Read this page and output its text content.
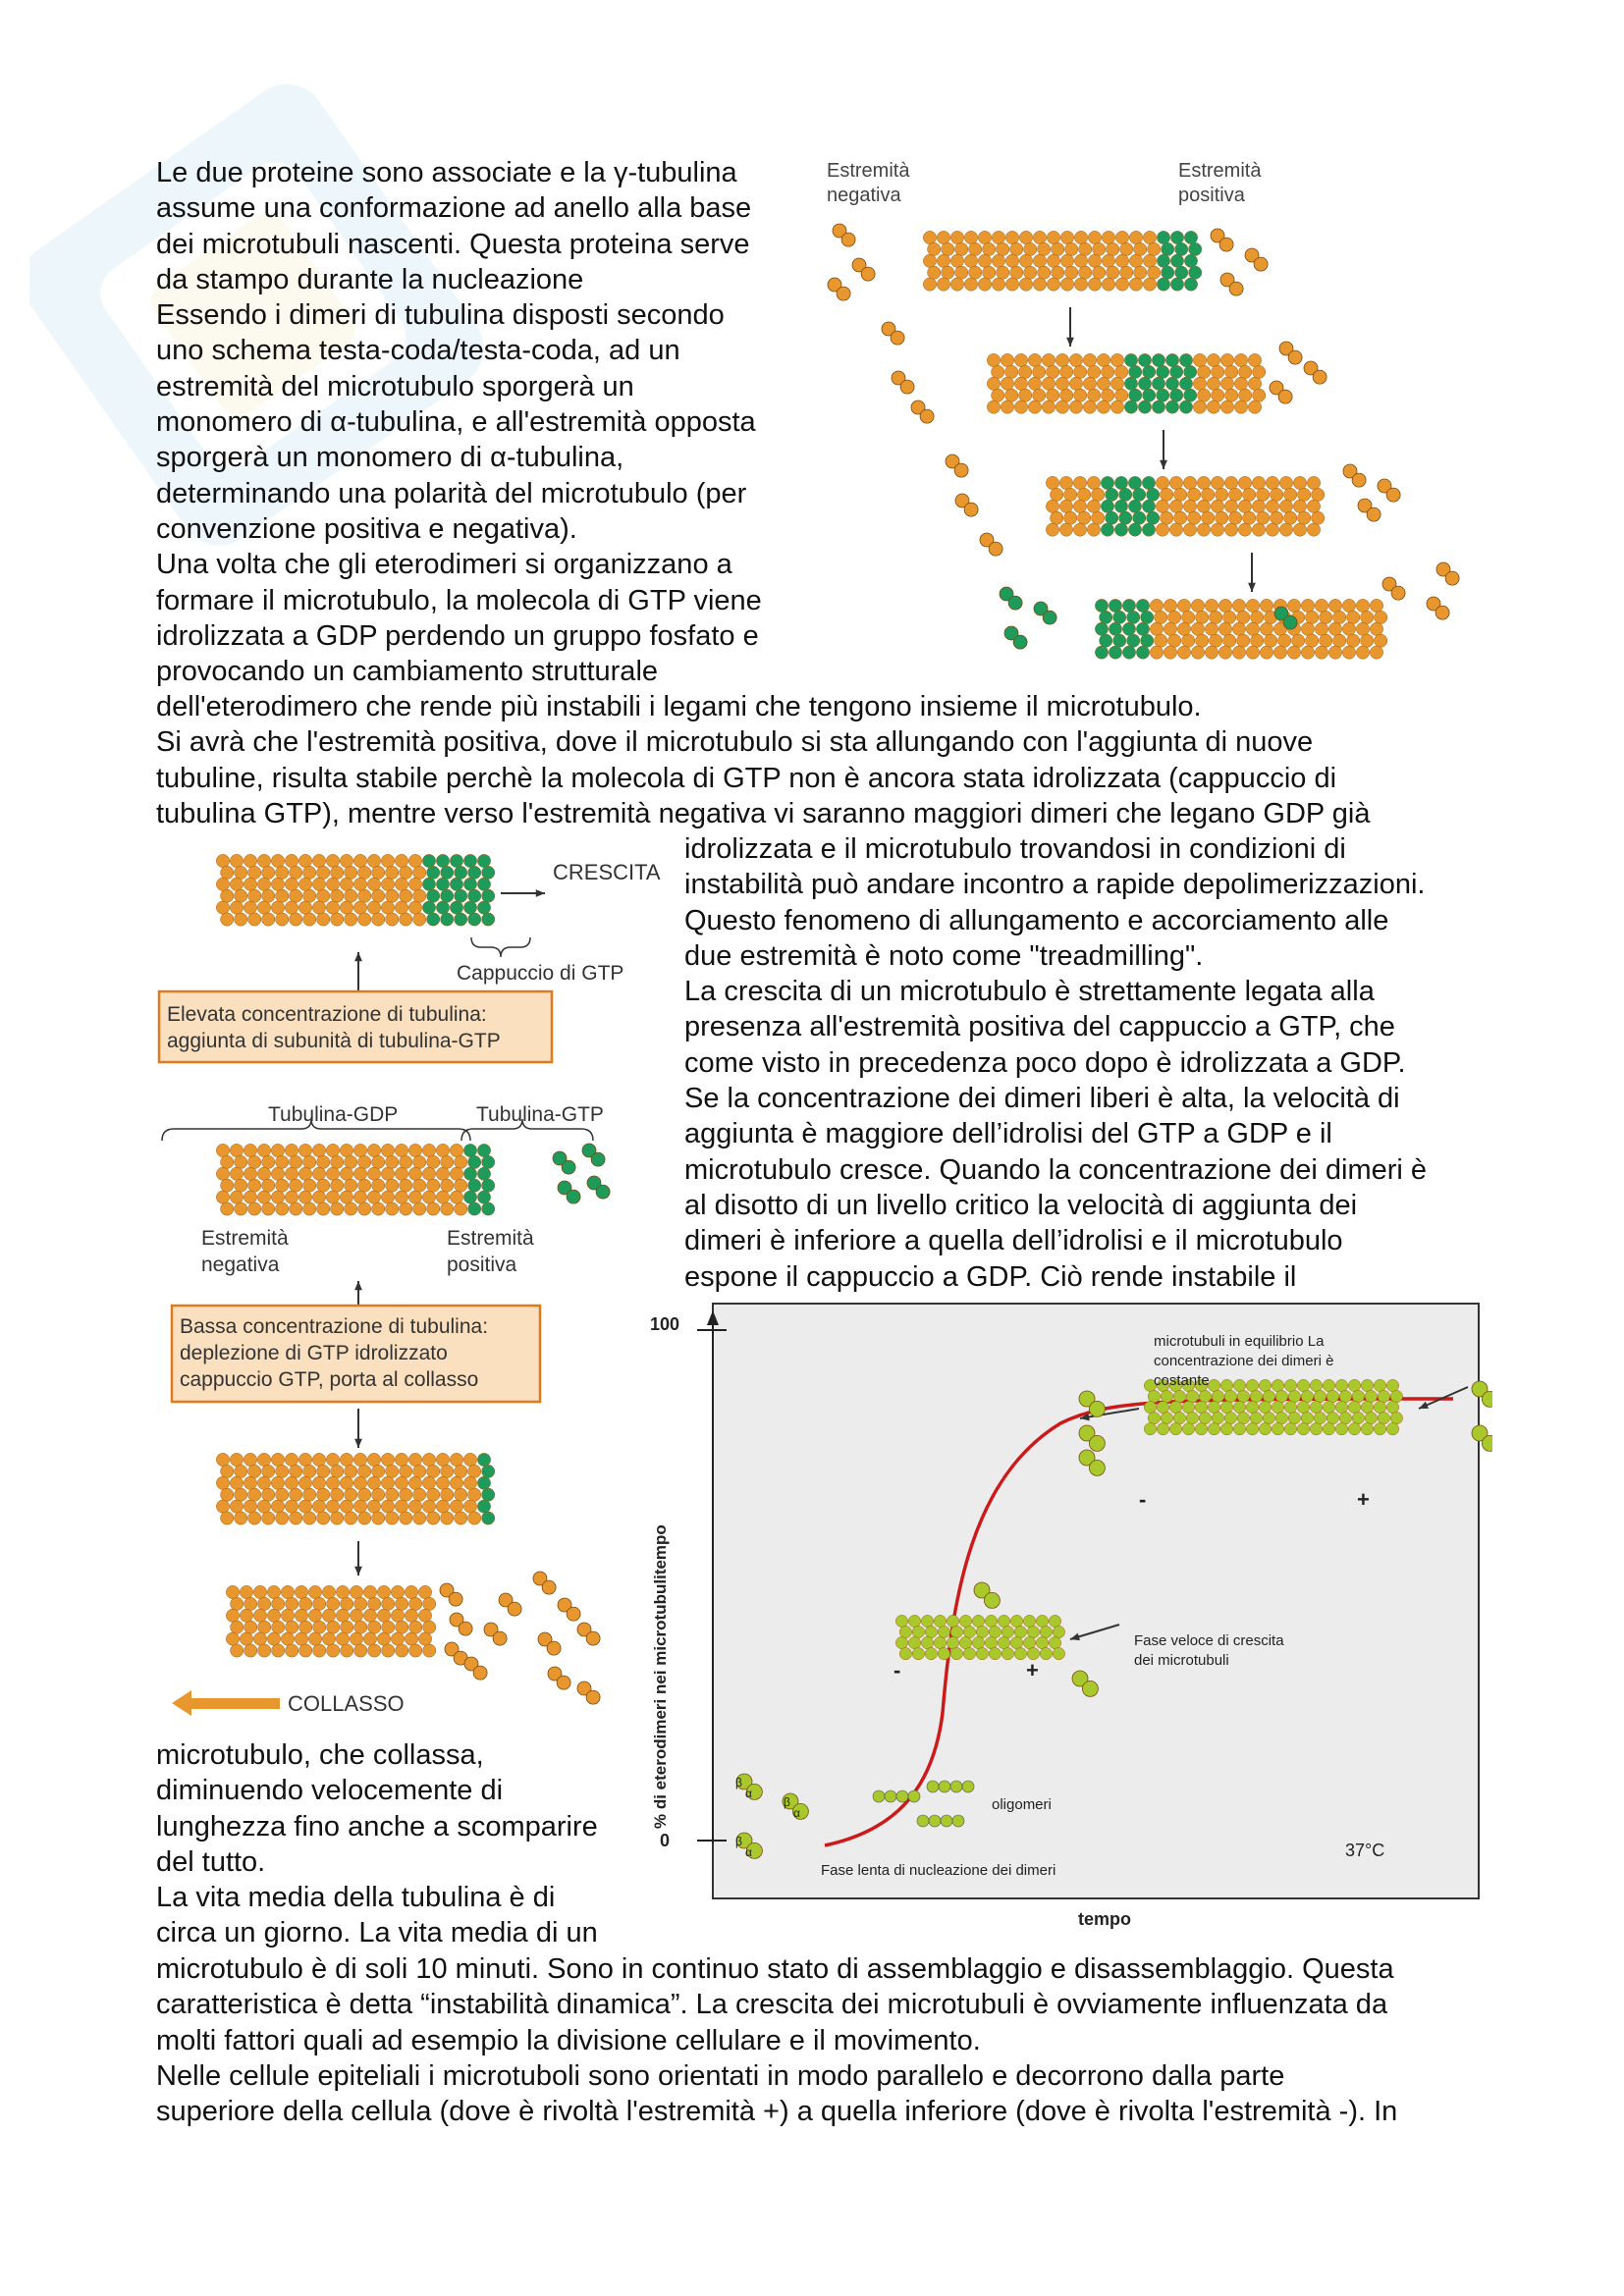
Le due proteine sono associate e la γ-tubulina

assume una conformazione ad anello alla base

dei microtubuli nascenti. Questa proteina serve

da stampo durante la nucleazione

Essendo i dimeri di tubulina disposti secondo

uno schema testa-coda/testa-coda, ad un

estremità del microtubulo sporgerà un

monomero di α-tubulina, e all'estremità opposta

sporgerà un monomero di α-tubulina,

determinando una polarità del microtubulo (per

convenzione positiva e negativa).

Una volta che gli eterodimeri si organizzano a

formare il microtubulo, la molecola di GTP viene

idrolizzata a GDP perdendo un gruppo fosfato e

provocando un cambiamento strutturale

dell'eterodimero che rende più instabili i legami che tengono insieme il microtubulo.

Si avrà che l'estremità positiva, dove il microtubulo si sta allungando con l'aggiunta di nuove

tubuline, risulta stabile perchè la molecola di GTP non è ancora stata idrolizzata (cappuccio di

tubulina GTP), mentre verso l'estremità negativa vi saranno maggiori dimeri che legano GDP già

idrolizzata e il microtubulo trovandosi in condizioni di

instabilità può andare incontro a rapide depolimerizzazioni.

Questo fenomeno di allungamento e accorciamento alle

due estremità è noto come "treadmilling".

La crescita di un microtubulo è strettamente legata alla

presenza all'estremità positiva del cappuccio a GTP, che

come visto in precedenza poco dopo è idrolizzata a GDP.

Se la concentrazione dei dimeri liberi è alta, la velocità di

aggiunta è maggiore dell’idrolisi del GTP a GDP e il

microtubulo cresce. Quando la concentrazione dei dimeri è

al disotto di un livello critico la velocità di aggiunta dei

dimeri è inferiore a quella dell’idrolisi e il microtubulo

espone il cappuccio a GDP. Ciò rende instabile il

microtubulo, che collassa,

diminuendo velocemente di

lunghezza fino anche a scomparire

del tutto.

La vita media della tubulina è di

circa un giorno. La vita media di un

microtubulo è di soli 10 minuti. Sono in continuo stato di assemblaggio e disassemblaggio. Questa

caratteristica è detta “instabilità dinamica”. La crescita dei microtubuli è ovviamente influenzata da

molti fattori quali ad esempio la divisione cellulare e il movimento.

Nelle cellule epiteliali i microtuboli sono orientati in modo parallelo e decorrono dalla parte

superiore della cellula (dove è rivoltà l'estremità +) a quella inferiore (dove è rivolta l'estremità -). In

Estremità
negativa
Estremità
positiva
CRESCITA
Cappuccio di GTP
Elevata concentrazione di tubulina:
aggiunta di subunità di tubulina-GTP
Tubulina-GDP	Tubulina-GTP
Estremità
negativa
Estremità
positiva
Bassa concentrazione di tubulina:
deplezione di GTP idrolizzato
cappuccio GTP, porta al collasso
COLLASSO
100
0
% di eterodimeri nei microtubulitempo
tempo
microtubuli in equilibrio La
concentrazione dei dimeri è
costante
Fase veloce di crescita
dei microtubuli
oligomeri
Fase lenta di nucleazione dei dimeri
37°C
-	+
-	+
β
α
β
α
β
α
